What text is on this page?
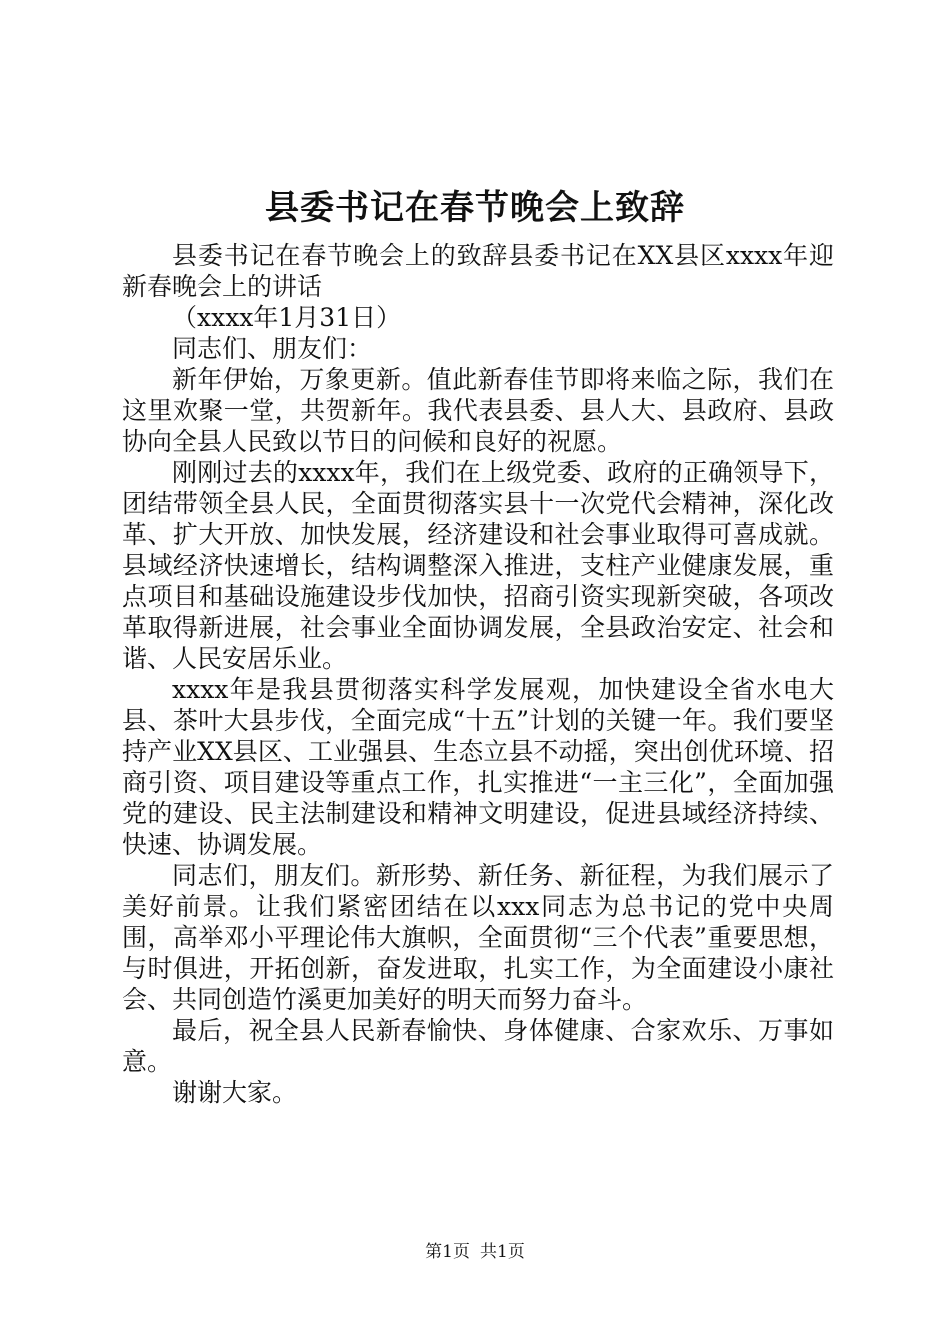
县委书记在春节晚会上致辞

县委书记在春节晚会上的致辞县委书记在XX县区xxxx年迎新春晚会上的讲话

（xxxx年1月31日）

同志们、朋友们：

新年伊始，万象更新。值此新春佳节即将来临之际，我们在这里欢聚一堂，共贺新年。我代表县委、县人大、县政府、县政协向全县人民致以节日的问候和良好的祝愿。

刚刚过去的xxxx年，我们在上级党委、政府的正确领导下，团结带领全县人民，全面贯彻落实县十一次党代会精神，深化改革、扩大开放、加快发展，经济建设和社会事业取得可喜成就。县域经济快速增长，结构调整深入推进，支柱产业健康发展，重点项目和基础设施建设步伐加快，招商引资实现新突破，各项改革取得新进展，社会事业全面协调发展，全县政治安定、社会和谐、人民安居乐业。

xxxx年是我县贯彻落实科学发展观，加快建设全省水电大县、茶叶大县步伐，全面完成“十五”计划的关键一年。我们要坚持产业XX县区、工业强县、生态立县不动摇，突出创优环境、招商引资、项目建设等重点工作，扎实推进“一主三化”，全面加强党的建设、民主法制建设和精神文明建设，促进县域经济持续、快速、协调发展。

同志们，朋友们。新形势、新任务、新征程，为我们展示了美好前景。让我们紧密团结在以xxx同志为总书记的党中央周围，高举邓小平理论伟大旗帜，全面贯彻“三个代表”重要思想，与时俱进，开拓创新，奋发进取，扎实工作，为全面建设小康社会、共同创造竹溪更加美好的明天而努力奋斗。

最后，祝全县人民新春愉快、身体健康、合家欢乐、万事如意。

谢谢大家。

第1页 共1页
